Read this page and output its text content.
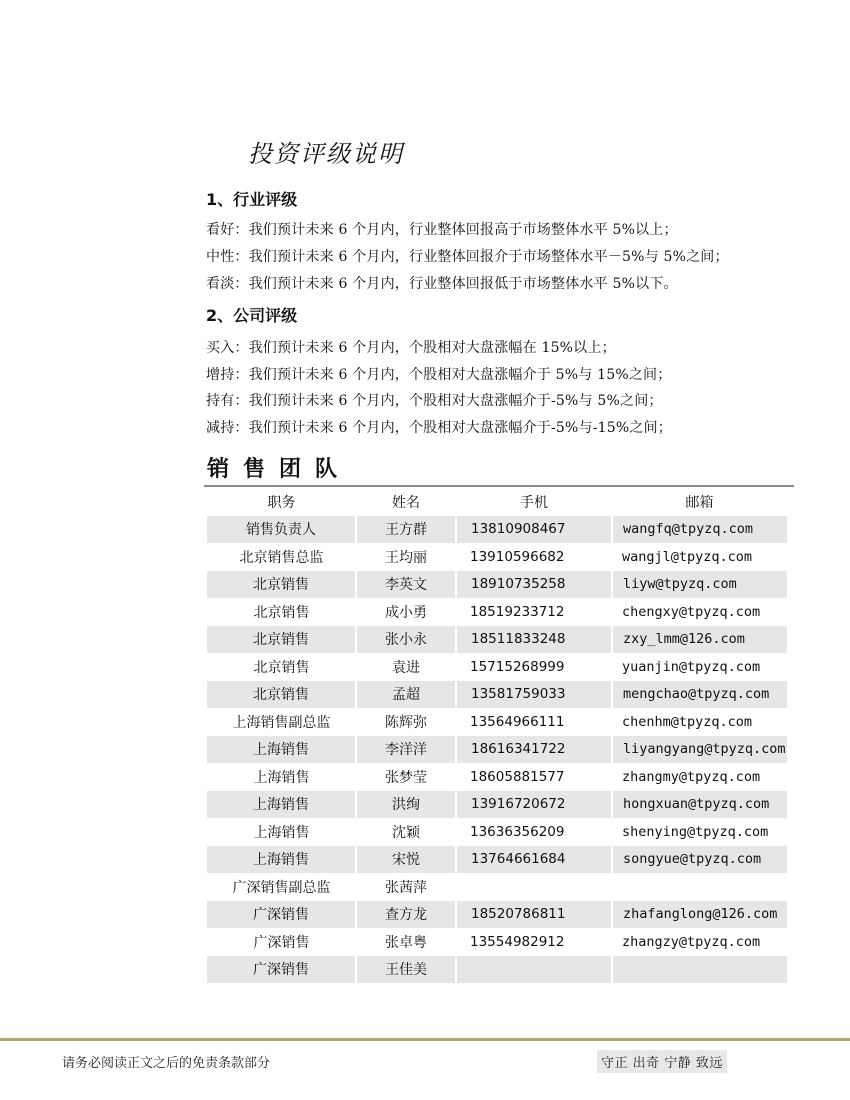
投资评级说明
1、行业评级
看好：我们预计未来 6 个月内，行业整体回报高于市场整体水平 5%以上；
中性：我们预计未来 6 个月内，行业整体回报介于市场整体水平－5%与 5%之间；
看淡：我们预计未来 6 个月内，行业整体回报低于市场整体水平 5%以下。
2、公司评级
买入：我们预计未来 6 个月内，个股相对大盘涨幅在 15%以上；
增持：我们预计未来 6 个月内，个股相对大盘涨幅介于 5%与 15%之间；
持有：我们预计未来 6 个月内，个股相对大盘涨幅介于-5%与 5%之间；
减持：我们预计未来 6 个月内，个股相对大盘涨幅介于-5%与-15%之间；
销售团队
职务	姓名	手机	邮箱
销售负责人	王方群	13810908467	wangfq@tpyzq.com
北京销售总监	王均丽	13910596682	wangjl@tpyzq.com
北京销售	李英文	18910735258	liyw@tpyzq.com
北京销售	成小勇	18519233712	chengxy@tpyzq.com
北京销售	张小永	18511833248	zxy_lmm@126.com
北京销售	袁进	15715268999	yuanjin@tpyzq.com
北京销售	孟超	13581759033	mengchao@tpyzq.com
上海销售副总监	陈辉弥	13564966111	chenhm@tpyzq.com
上海销售	李洋洋	18616341722	liyangyang@tpyzq.com
上海销售	张梦莹	18605881577	zhangmy@tpyzq.com
上海销售	洪绚	13916720672	hongxuan@tpyzq.com
上海销售	沈颖	13636356209	shenying@tpyzq.com
上海销售	宋悦	13764661684	songyue@tpyzq.com
广深销售副总监	张茜萍		
广深销售	查方龙	18520786811	zhafanglong@126.com
广深销售	张卓粤	13554982912	zhangzy@tpyzq.com
广深销售	王佳美		
请务必阅读正文之后的免责条款部分	守正 出奇 宁静 致远
